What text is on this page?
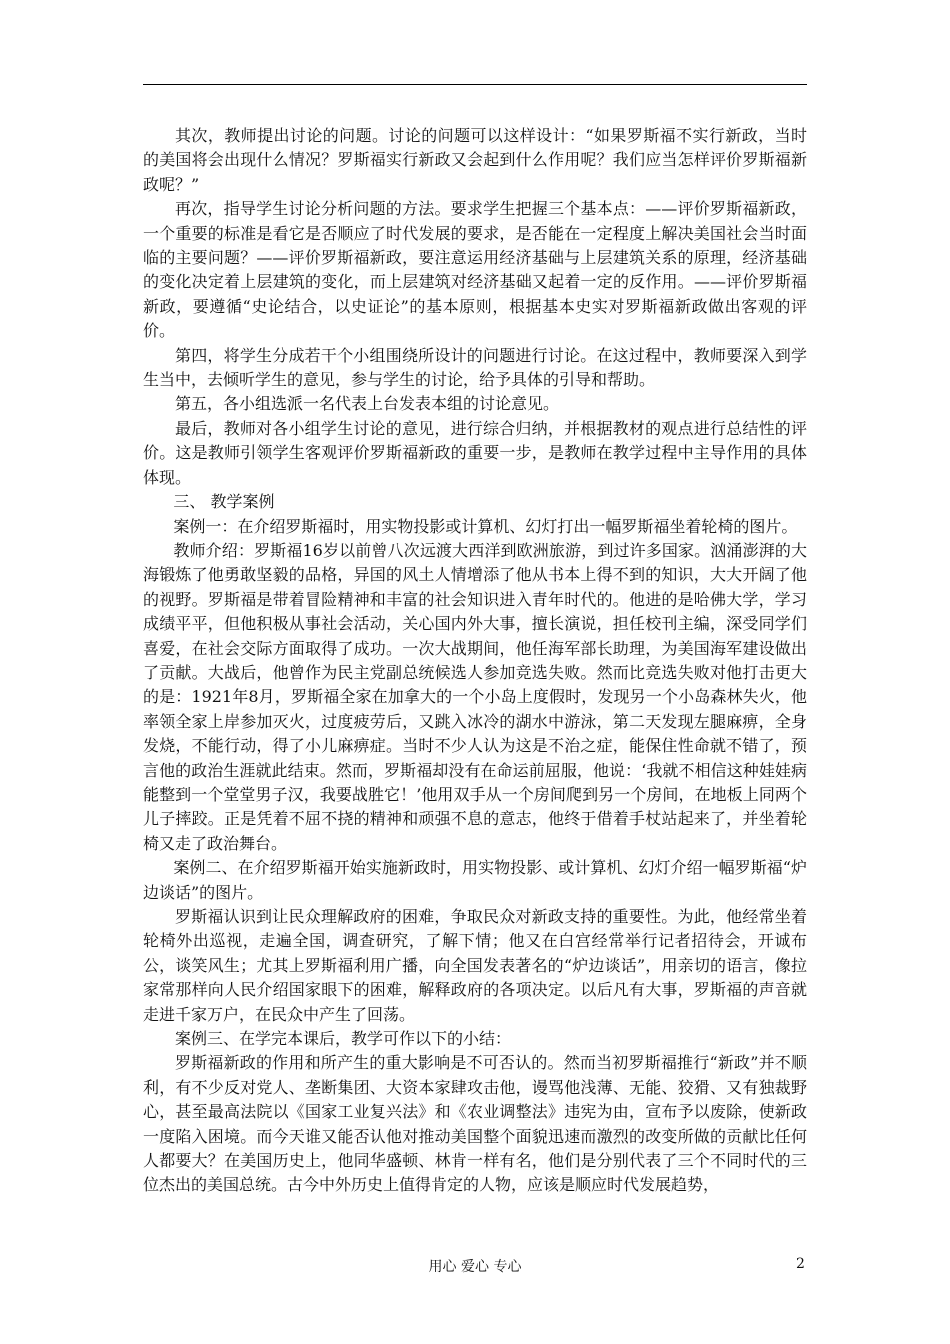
其次，教师提出讨论的问题。讨论的问题可以这样设计：“如果罗斯福不实行新政，当时的美国将会出现什么情况？罗斯福实行新政又会起到什么作用呢？我们应当怎样评价罗斯福新政呢？”

再次，指导学生讨论分析问题的方法。要求学生把握三个基本点：——评价罗斯福新政，一个重要的标准是看它是否顺应了时代发展的要求，是否能在一定程度上解决美国社会当时面临的主要问题？——评价罗斯福新政，要注意运用经济基础与上层建筑关系的原理，经济基础的变化决定着上层建筑的变化，而上层建筑对经济基础又起着一定的反作用。——评价罗斯福新政，要遵循“史论结合，以史证论”的基本原则，根据基本史实对罗斯福新政做出客观的评价。

第四，将学生分成若干个小组围绕所设计的问题进行讨论。在这过程中，教师要深入到学生当中，去倾听学生的意见，参与学生的讨论，给予具体的引导和帮助。

第五，各小组选派一名代表上台发表本组的讨论意见。

最后，教师对各小组学生讨论的意见，进行综合归纳，并根据教材的观点进行总结性的评价。这是教师引领学生客观评价罗斯福新政的重要一步，是教师在教学过程中主导作用的具体体现。

三、 教学案例

案例一：在介绍罗斯福时，用实物投影或计算机、幻灯打出一幅罗斯福坐着轮椅的图片。

教师介绍：罗斯福16岁以前曾八次远渡大西洋到欧洲旅游，到过许多国家。汹涌澎湃的大海锻炼了他勇敢坚毅的品格，异国的风土人情增添了他从书本上得不到的知识，大大开阔了他的视野。罗斯福是带着冒险精神和丰富的社会知识进入青年时代的。他进的是哈佛大学，学习成绩平平，但他积极从事社会活动，关心国内外大事，擅长演说，担任校刊主编，深受同学们喜爱，在社会交际方面取得了成功。一次大战期间，他任海军部长助理，为美国海军建设做出了贡献。大战后，他曾作为民主党副总统候选人参加竞选失败。然而比竞选失败对他打击更大的是：1921年8月，罗斯福全家在加拿大的一个小岛上度假时，发现另一个小岛森林失火，他率领全家上岸参加灭火，过度疲劳后，又跳入冰冷的湖水中游泳，第二天发现左腿麻痹，全身发烧，不能行动，得了小儿麻痹症。当时不少人认为这是不治之症，能保住性命就不错了，预言他的政治生涯就此结束。然而，罗斯福却没有在命运前屈服，他说：‘我就不相信这种娃娃病能整到一个堂堂男子汉，我要战胜它！’他用双手从一个房间爬到另一个房间，在地板上同两个儿子摔跤。正是凭着不屈不挠的精神和顽强不息的意志，他终于借着手杖站起来了，并坐着轮椅又走了政治舞台。

案例二、在介绍罗斯福开始实施新政时，用实物投影、或计算机、幻灯介绍一幅罗斯福“炉边谈话”的图片。

罗斯福认识到让民众理解政府的困难，争取民众对新政支持的重要性。为此，他经常坐着轮椅外出巡视，走遍全国，调查研究，了解下情；他又在白宫经常举行记者招待会，开诚布公，谈笑风生；尤其上罗斯福利用广播，向全国发表著名的“炉边谈话”，用亲切的语言，像拉家常那样向人民介绍国家眼下的困难，解释政府的各项决定。以后凡有大事，罗斯福的声音就走进千家万户，在民众中产生了回荡。

案例三、在学完本课后，教学可作以下的小结：

罗斯福新政的作用和所产生的重大影响是不可否认的。然而当初罗斯福推行“新政”并不顺利，有不少反对党人、垄断集团、大资本家肆攻击他，谩骂他浅薄、无能、狡猾、又有独裁野心，甚至最高法院以《国家工业复兴法》和《农业调整法》违宪为由，宣布予以废除，使新政一度陷入困境。而今天谁又能否认他对推动美国整个面貌迅速而激烈的改变所做的贡献比任何人都要大？在美国历史上，他同华盛顿、林肯一样有名，他们是分别代表了三个不同时代的三位杰出的美国总统。古今中外历史上值得肯定的人物，应该是顺应时代发展趋势，

用心 爱心 专心	2
